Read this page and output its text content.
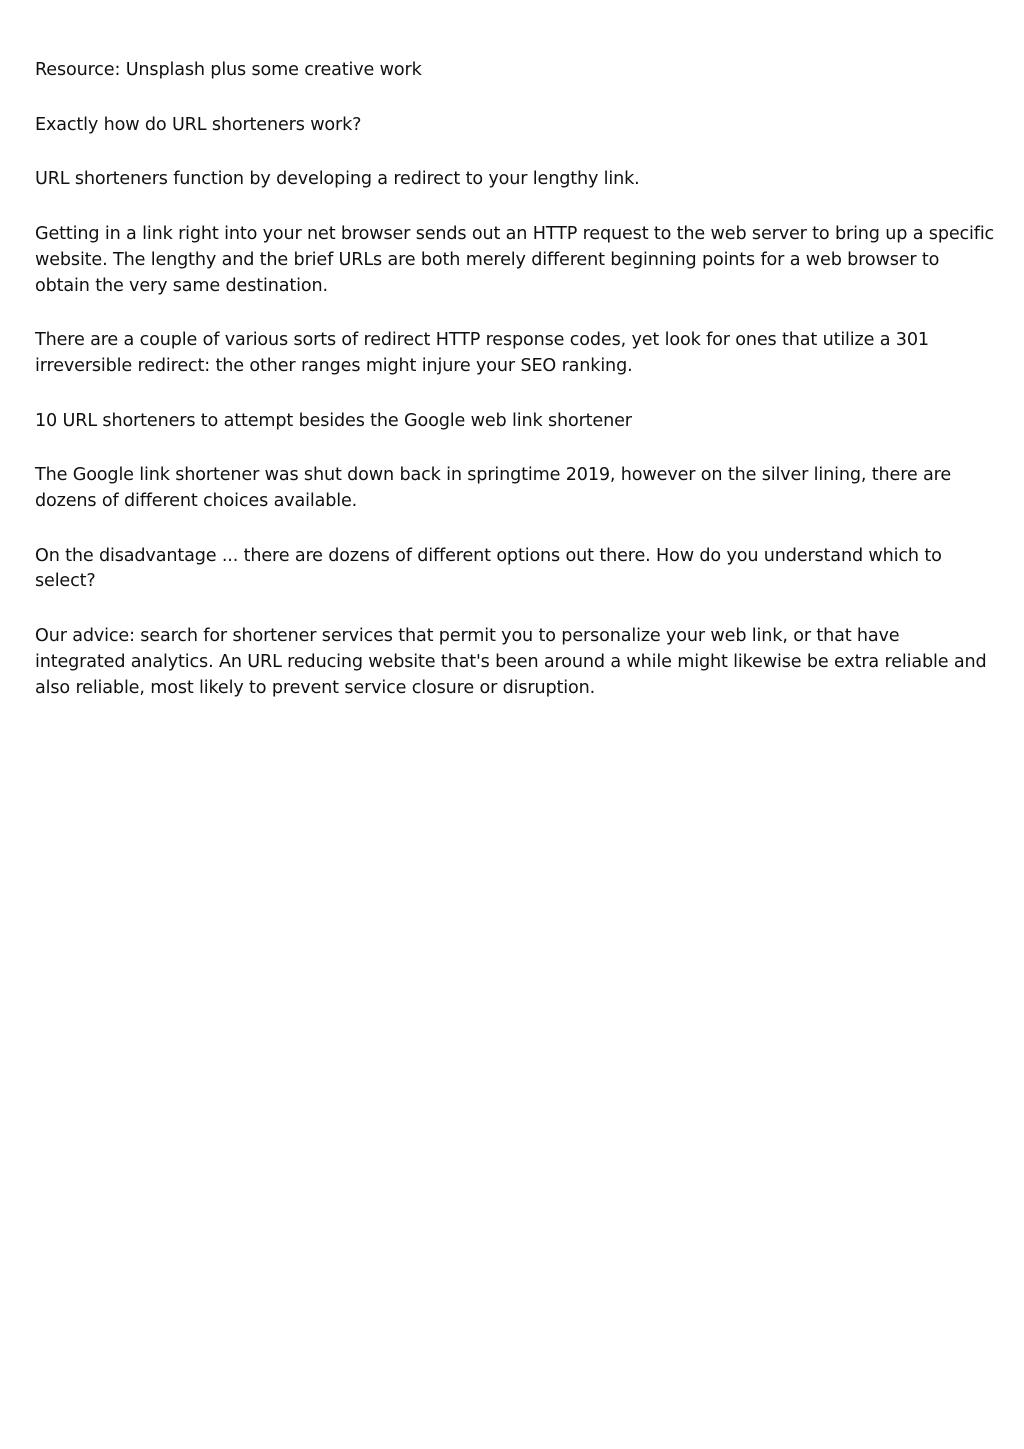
Resource: Unsplash plus some creative work

Exactly how do URL shorteners work?

URL shorteners function by developing a redirect to your lengthy link.

Getting in a link right into your net browser sends out an HTTP request to the web server to bring up a specific website. The lengthy and the brief URLs are both merely different beginning points for a web browser to obtain the very same destination.

There are a couple of various sorts of redirect HTTP response codes, yet look for ones that utilize a 301 irreversible redirect: the other ranges might injure your SEO ranking.

10 URL shorteners to attempt besides the Google web link shortener

The Google link shortener was shut down back in springtime 2019, however on the silver lining, there are dozens of different choices available.

On the disadvantage ... there are dozens of different options out there. How do you understand which to select?

Our advice: search for shortener services that permit you to personalize your web link, or that have integrated analytics. An URL reducing website that's been around a while might likewise be extra reliable and also reliable, most likely to prevent service closure or disruption.
